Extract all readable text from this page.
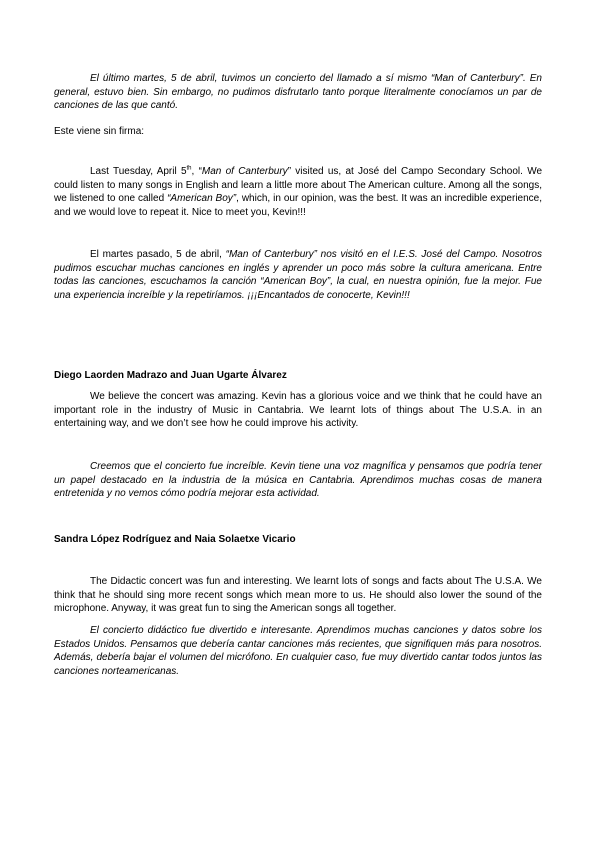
El último martes, 5 de abril, tuvimos un concierto del llamado a sí mismo “Man of Canterbury”. En general, estuvo bien. Sin embargo, no pudimos disfrutarlo tanto porque literalmente conocíamos un par de canciones de las que cantó.

Este viene sin firma:

Last Tuesday, April 5th, “Man of Canterbury” visited us, at José del Campo Secondary School. We could listen to many songs in English and learn a little more about The American culture. Among all the songs, we listened to one called “American Boy”, which, in our opinion, was the best. It was an incredible experience, and we would love to repeat it. Nice to meet you, Kevin!!!

El martes pasado, 5 de abril, “Man of Canterbury” nos visitó en el I.E.S. José del Campo. Nosotros pudimos escuchar muchas canciones en inglés y aprender un poco más sobre la cultura americana. Entre todas las canciones, escuchamos la canción “American Boy”, la cual, en nuestra opinión, fue la mejor. Fue una experiencia increíble y la repetiríamos. ¡¡¡Encantados de conocerte, Kevin!!!

Diego Laorden Madrazo and Juan Ugarte Álvarez

We believe the concert was amazing. Kevin has a glorious voice and we think that he could have an important role in the industry of Music in Cantabria. We learnt lots of things about The U.S.A. in an entertaining way, and we don’t see how he could improve his activity.

Creemos que el concierto fue increíble. Kevin tiene una voz magnífica y pensamos que podría tener un papel destacado en la industria de la música en Cantabria. Aprendimos muchas cosas de manera entretenida y no vemos cómo podría mejorar esta actividad.

Sandra López Rodríguez and Naia Solaetxe Vicario

The Didactic concert was fun and interesting. We learnt lots of songs and facts about The U.S.A. We think that he should sing more recent songs which mean more to us. He should also lower the sound of the microphone. Anyway, it was great fun to sing the American songs all together.

El concierto didáctico fue divertido e interesante. Aprendimos muchas canciones y datos sobre los Estados Unidos. Pensamos que debería cantar canciones más recientes, que signifiquen más para nosotros. Además, debería bajar el volumen del micrófono. En cualquier caso, fue muy divertido cantar todos juntos las canciones norteamericanas.
